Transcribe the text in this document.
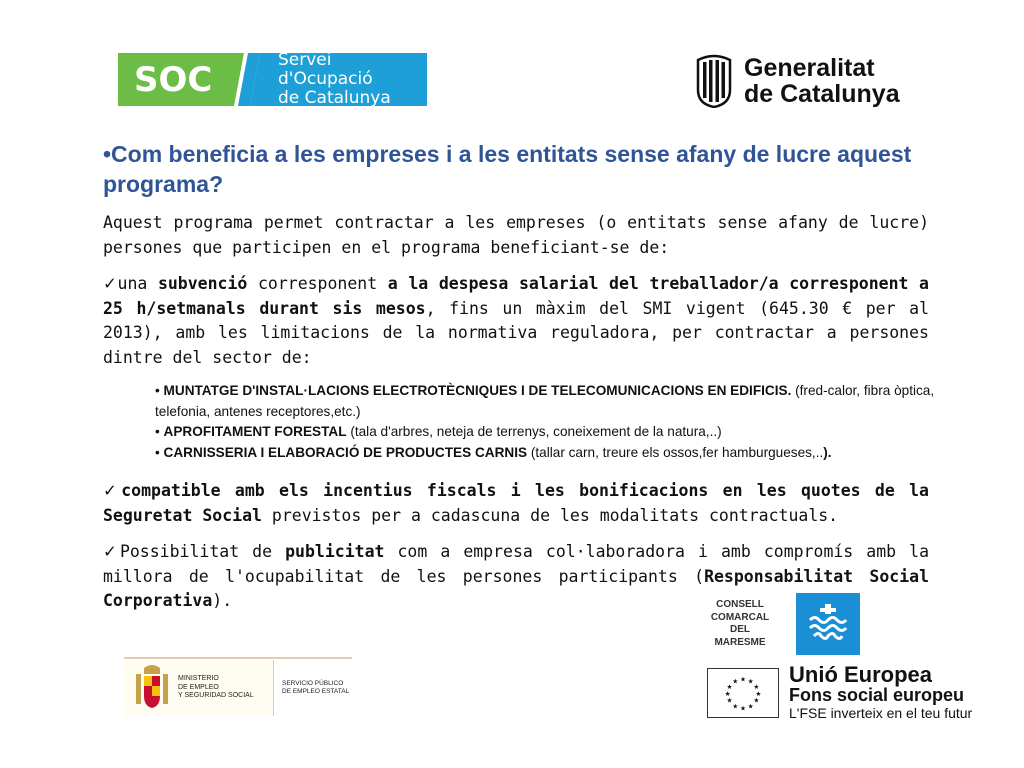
SOC	Servei d'Ocupació
de Catalunya
Generalitat
de Catalunya
•Com beneficia a les empreses i a les entitats sense afany de lucre aquest programa?
Aquest programa permet contractar a les empreses (o entitats sense afany de lucre) persones que participen en el programa beneficiant-se de:
✓una subvenció corresponent a la despesa salarial del treballador/a corresponent a 25 h/setmanals durant sis mesos, fins un màxim del SMI vigent (645.30 € per al 2013), amb les limitacions de la normativa reguladora, per contractar a persones dintre del sector de:

• MUNTATGE D'INSTAL·LACIONS ELECTROTÈCNIQUES I DE TELECOMUNICACIONS EN EDIFICIS. (fred-calor, fibra òptica, telefonia, antenes receptores,etc.)

• APROFITAMENT FORESTAL (tala d'arbres, neteja de terrenys, coneixement de la natura,..)

• CARNISSERIA I ELABORACIÓ DE PRODUCTES CARNIS (tallar carn, treure els ossos,fer hamburgueses,..).

✓compatible amb els incentius fiscals i les bonificacions en les quotes de la Seguretat Social previstos per a cadascuna de les modalitats contractuals.
✓Possibilitat de publicitat com a empresa col·laboradora i amb compromís amb la millora de l'ocupabilitat de les persones participants (Responsabilitat Social Corporativa).	CONSELL
COMARCAL
DEL
MARESME
MINISTERIO
DE EMPLEO
Y SEGURIDAD SOCIAL
SERVICIO PÚBLICO
DE EMPLEO ESTATAL
★ ★
★
★
★
★
★
★
★
★
★
★ Unió Europea
Fons social europeu
L'FSE inverteix en el teu futur
